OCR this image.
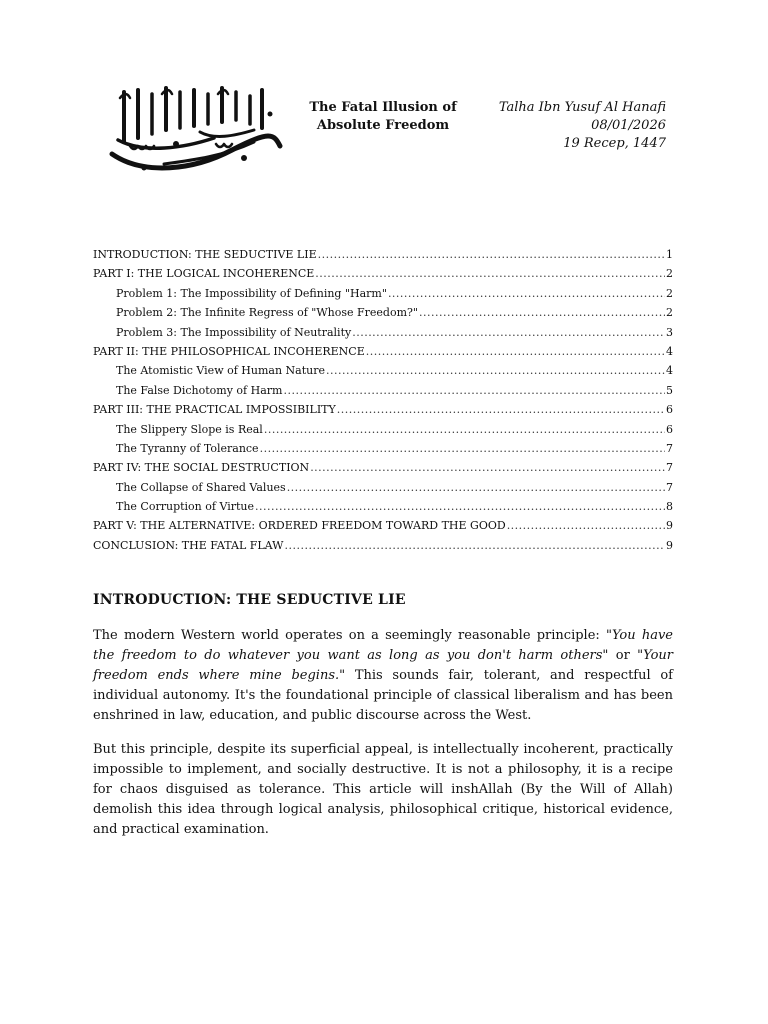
The Fatal Illusion of
Absolute Freedom
Talha Ibn Yusuf Al Hanafi
08/01/2026
19 Recep, 1447
INTRODUCTION: THE SEDUCTIVE LIE .....	1
PART I: THE LOGICAL INCOHERENCE .....	2
Problem 1: The Impossibility of Defining "Harm" .....	2
Problem 2: The Infinite Regress of "Whose Freedom?" .....	2
Problem 3: The Impossibility of Neutrality .....	3
PART II: THE PHILOSOPHICAL INCOHERENCE .....	4
The Atomistic View of Human Nature .....	4
The False Dichotomy of Harm .....	5
PART III: THE PRACTICAL IMPOSSIBILITY .....	6
The Slippery Slope is Real .....	6
The Tyranny of Tolerance .....	7
PART IV: THE SOCIAL DESTRUCTION .....	7
The Collapse of Shared Values .....	7
The Corruption of Virtue .....	8
PART V: THE ALTERNATIVE: ORDERED FREEDOM TOWARD THE GOOD .....	9
CONCLUSION: THE FATAL FLAW .....	9
INTRODUCTION: THE SEDUCTIVE LIE

The modern Western world operates on a seemingly reasonable principle: "You have the freedom to do whatever you want as long as you don't harm others" or "Your freedom ends where mine begins." This sounds fair, tolerant, and respectful of individual autonomy. It's the foundational principle of classical liberalism and has been enshrined in law, education, and public discourse across the West.

But this principle, despite its superficial appeal, is intellectually incoherent, practically impossible to implement, and socially destructive. It is not a philosophy, it is a recipe for chaos disguised as tolerance. This article will inshAllah (By the Will of Allah) demolish this idea through logical analysis, philosophical critique, historical evidence, and practical examination.
